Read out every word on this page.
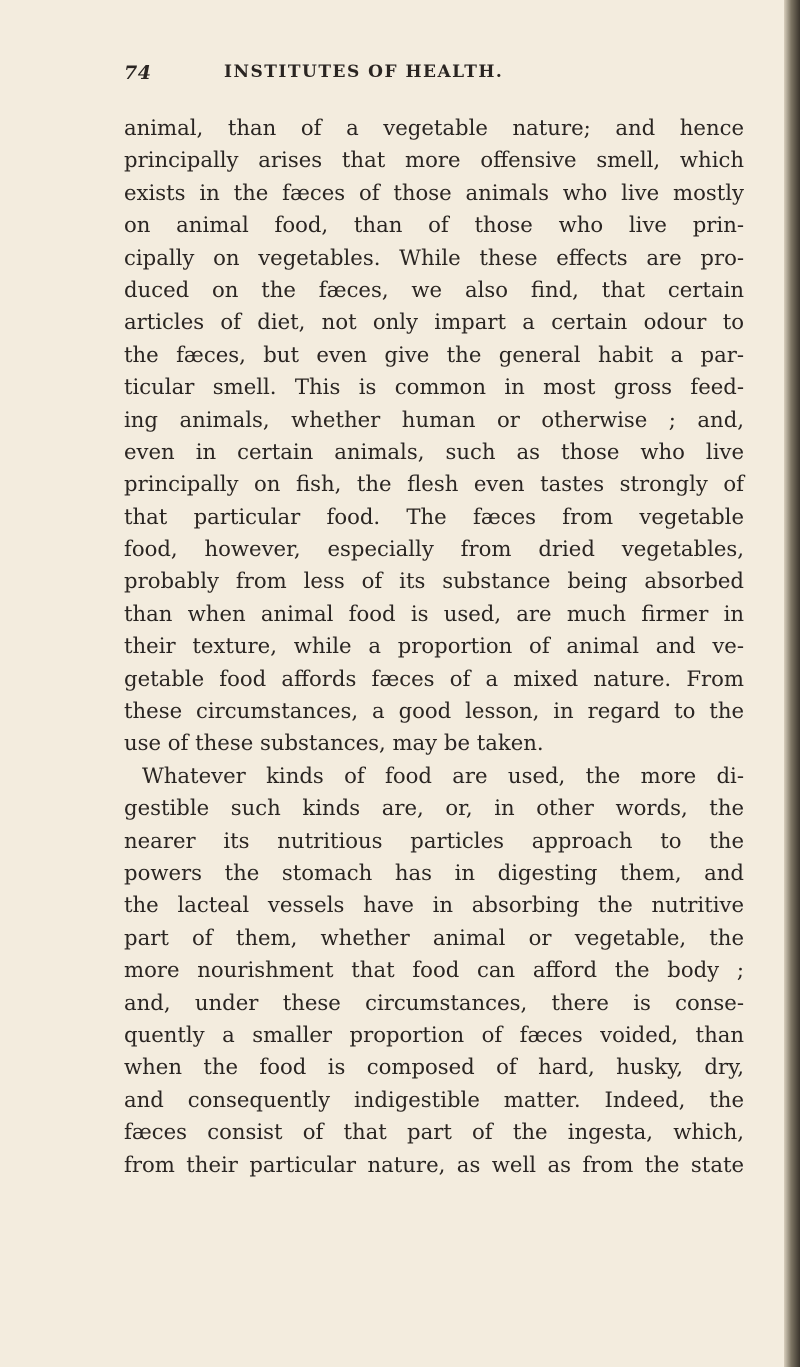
74	INSTITUTES OF HEALTH.
animal, than of a vegetable nature; and hence
principally arises that more offensive smell, which
exists in the fæces of those animals who live mostly
on animal food, than of those who live prin-
cipally on vegetables. While these effects are pro-
duced on the fæces, we also find, that certain
articles of diet, not only impart a certain odour to
the fæces, but even give the general habit a par-
ticular smell. This is common in most gross feed-
ing animals, whether human or otherwise ; and,
even in certain animals, such as those who live
principally on fish, the flesh even tastes strongly of
that particular food. The fæces from vegetable
food, however, especially from dried vegetables,
probably from less of its substance being absorbed
than when animal food is used, are much firmer in
their texture, while a proportion of animal and ve-
getable food affords fæces of a mixed nature. From
these circumstances, a good lesson, in regard to the
use of these substances, may be taken.
Whatever kinds of food are used, the more di-
gestible such kinds are, or, in other words, the
nearer its nutritious particles approach to the
powers the stomach has in digesting them, and
the lacteal vessels have in absorbing the nutritive
part of them, whether animal or vegetable, the
more nourishment that food can afford the body ;
and, under these circumstances, there is conse-
quently a smaller proportion of fæces voided, than
when the food is composed of hard, husky, dry,
and consequently indigestible matter. Indeed, the
fæces consist of that part of the ingesta, which,
from their particular nature, as well as from the state
